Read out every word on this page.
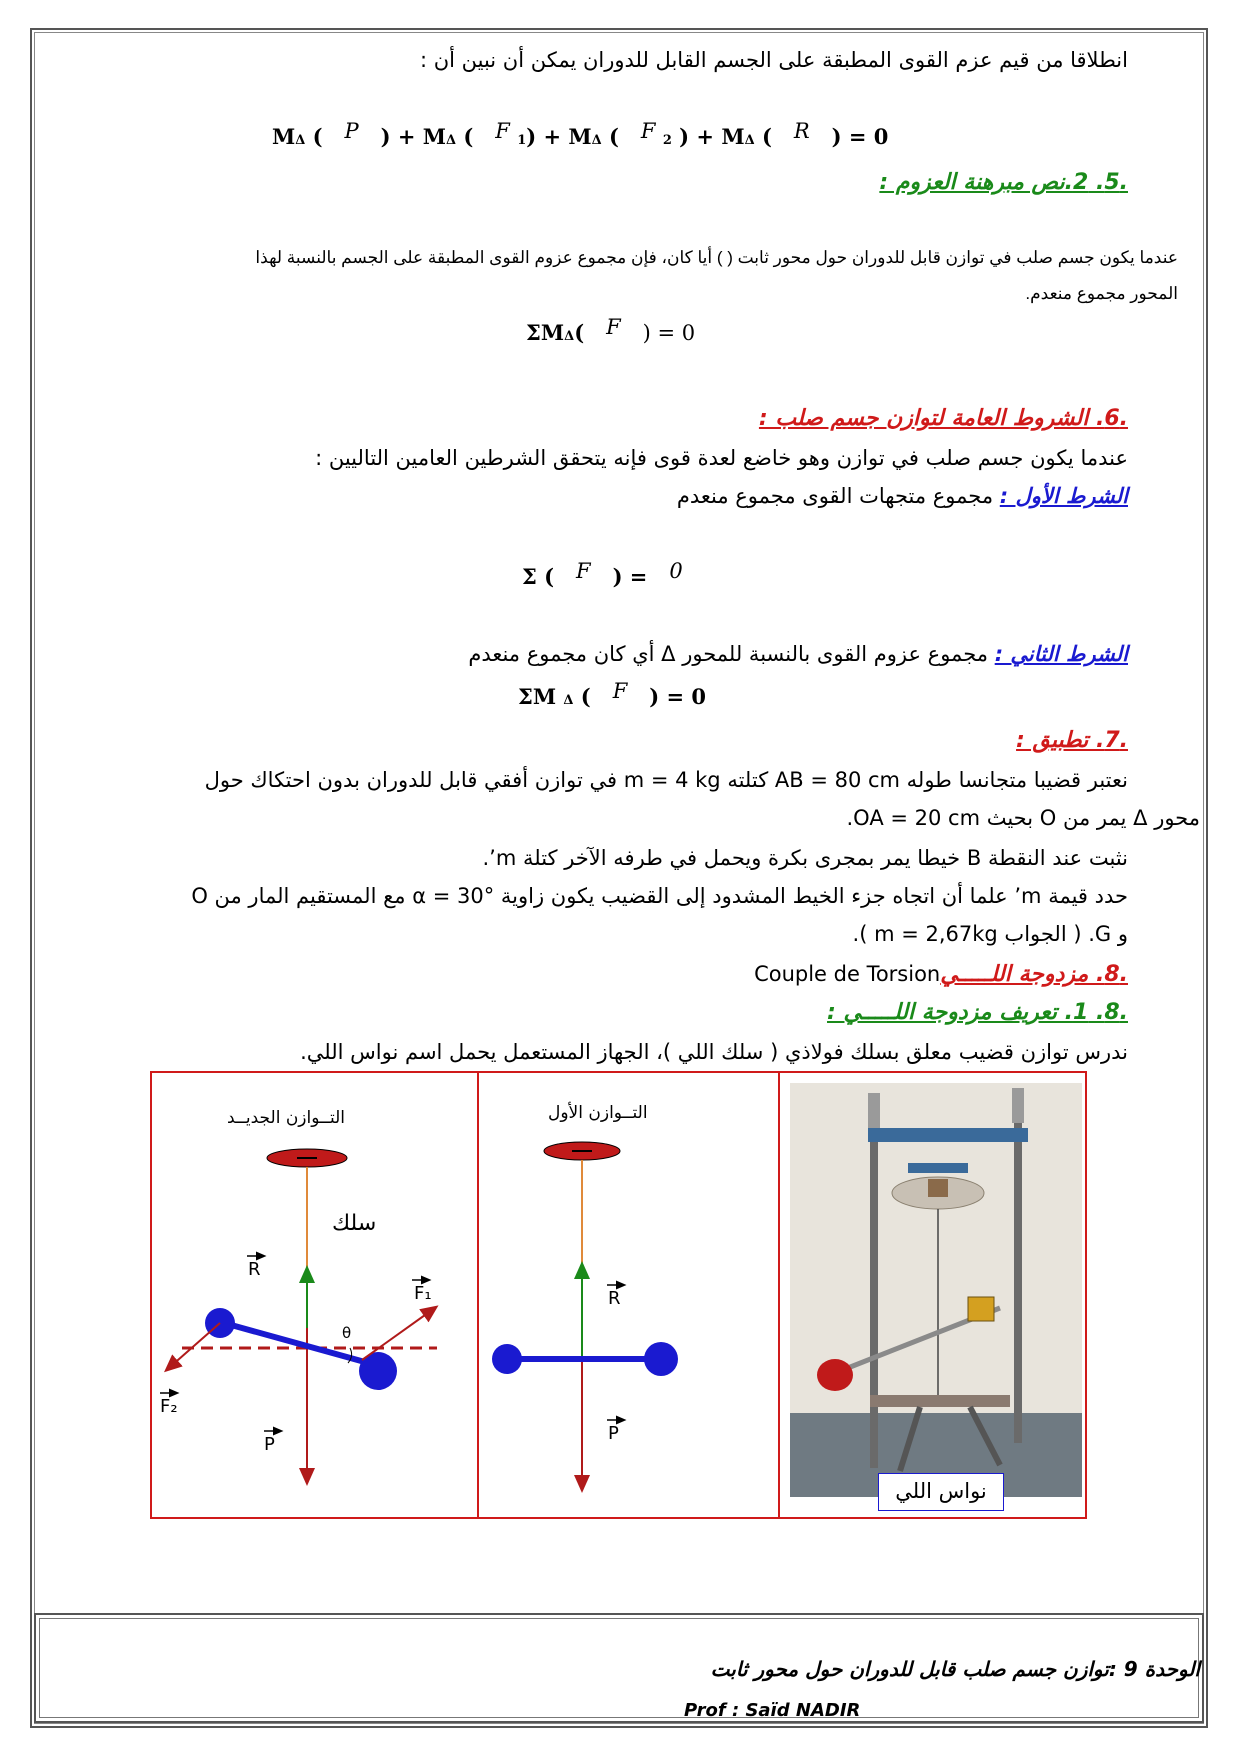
انطلاقا من قيم عزم القوى المطبقة على الجسم القابل للدوران يمكن أن نبين أن :
MΔ (   P   ) + MΔ (   F 1) + MΔ (   F 2 ) + MΔ (   R ) = 0
.5. 2.نص مبرهنة العزوم :
عندما يكون جسم صلب في توازن قابل للدوران حول محور ثابت ( ) أيا كان، فإن مجموع عزوم القوى المطبقة على الجسم بالنسبة لهذا
المحور مجموع منعدم.
ΣMΔ(   F ) = 0
.6. الشروط العامة لتوازن جسم صلب :
عندما يكون جسم صلب في توازن وهو خاضع لعدة قوى فإنه يتحقق الشرطين العامين التاليين :
الشرط الأول : مجموع متجهات القوى مجموع منعدم
Σ ( F ) = 0
الشرط الثاني : مجموع عزوم القوى بالنسبة للمحور Δ أي كان مجموع منعدم
ΣM Δ (   F ) = 0
.7. تطبيق :
نعتبر قضيبا متجانسا طوله AB = 80 cm كتلته m = 4 kg في توازن أفقي قابل للدوران بدون احتكاك حول
محور Δ يمر من O بحيث OA = 20 cm.
نثبت عند النقطة B خيطا يمر بمجرى بكرة ويحمل في طرفه الآخر كتلة m’.
حدد قيمة m’ علما أن اتجاه جزء الخيط المشدود إلى القضيب يكون زاوية α = 30° مع المستقيم المار من O
و G. ( الجواب m = 2,67kg ).
.8. مزدوجة اللـــــيCouple de Torsion
.8. 1. تعريف مزدوجة اللـــــي :
ندرس توازن قضيب معلق بسلك فولاذي ( سلك اللي )، الجهاز المستعمل يحمل اسم نواس اللي.
التــوازن الجديــد	التــوازن الأول
سلك
R
F₁
θ
F₂
P
R
P
نواس اللي
الوحدة 9 :توازن جسم صلب قابل للدوران حول محور ثابت
Prof : Saïd NADIR
